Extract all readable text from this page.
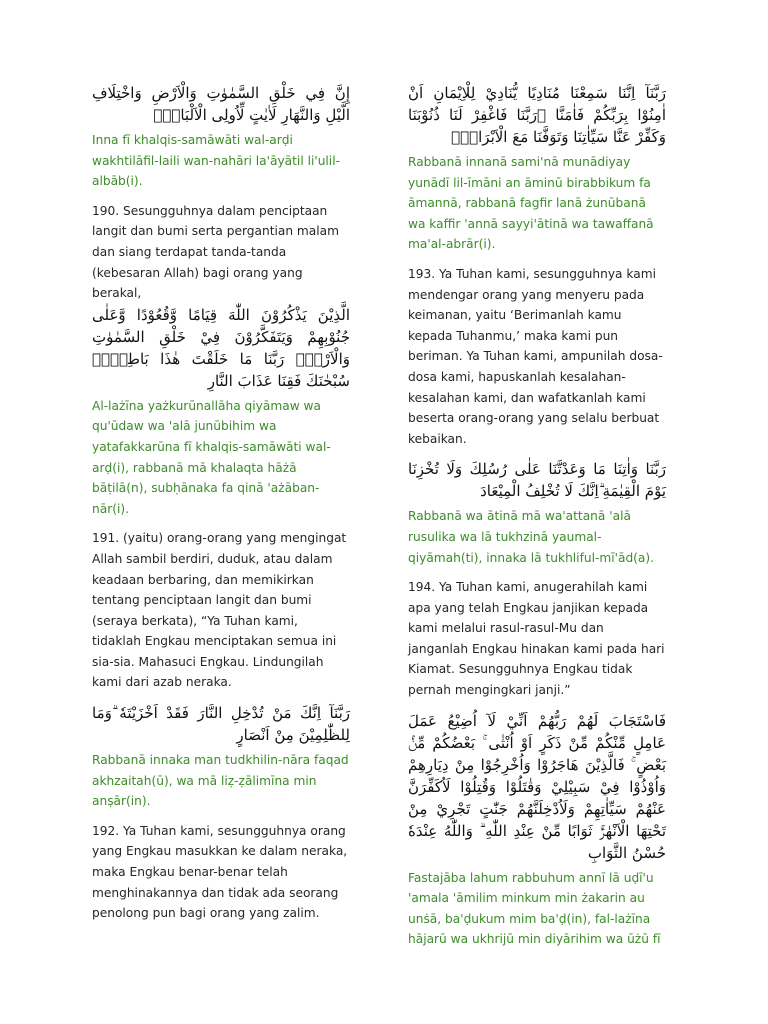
إِنَّ فِي خَلْقِ السَّمٰوٰتِ وَالْاَرْضِ وَاخْتِلَافِ الَّيْلِ وَالنَّهَارِ لَاٰيٰتٍ لِّاُولِى الْاَلْبَابِۙ

Inna fī khalqis-samāwāti wal-arḍi wakhtilāfil-laili wan-nahāri la'āyātil li'ulil-albāb(i).

190. Sesungguhnya dalam penciptaan langit dan bumi serta pergantian malam dan siang terdapat tanda-tanda (kebesaran Allah) bagi orang yang berakal,

الَّذِيْنَ يَذْكُرُوْنَ اللّٰهَ قِيَامًا وَّقُعُوْدًا وَّعَلٰى جُنُوْبِهِمْ وَيَتَفَكَّرُوْنَ فِيْ خَلْقِ السَّمٰوٰتِ وَالْاَرْضِۚ رَبَّنَا مَا خَلَقْتَ هٰذَا بَاطِلًاۚ سُبْحٰنَكَ فَقِنَا عَذَابَ النَّارِ

Al-lażīna yażkurūnallāha qiyāmaw wa qu'ūdaw wa 'alā junūbihim wa yatafakkarūna fī khalqis-samāwāti wal-arḍ(i), rabbanā mā khalaqta hāżā bāṭilā(n), subḥānaka fa qinā 'ażāban-nār(i).

191. (yaitu) orang-orang yang mengingat Allah sambil berdiri, duduk, atau dalam keadaan berbaring, dan memikirkan tentang penciptaan langit dan bumi (seraya berkata), “Ya Tuhan kami, tidaklah Engkau menciptakan semua ini sia-sia. Mahasuci Engkau. Lindungilah kami dari azab neraka.

رَبَّنَآ اِنَّكَ مَنْ تُدْخِلِ النَّارَ فَقَدْ اَخْزَيْتَهٗ ۗوَمَا لِلظّٰلِمِيْنَ مِنْ اَنْصَارٍ

Rabbanā innaka man tudkhilin-nāra faqad akhzaitah(ū), wa mā liẓ-ẓālimīna min anṣār(in).

192. Ya Tuhan kami, sesungguhnya orang yang Engkau masukkan ke dalam neraka, maka Engkau benar-benar telah menghinakannya dan tidak ada seorang penolong pun bagi orang yang zalim.

رَبَّنَآ اِنَّنَا سَمِعْنَا مُنَادِيًا يُّنَادِيْ لِلْاِيْمَانِ اَنْ اٰمِنُوْا بِرَبِّكُمْ فَاٰمَنَّا ۖرَبَّنَا فَاغْفِرْ لَنَا ذُنُوْبَنَا وَكَفِّرْ عَنَّا سَيِّاٰتِنَا وَتَوَفَّنَا مَعَ الْاَبْرَارِۚ

Rabbanā innanā sami'nā munādiyay yunādī lil-īmāni an āminū birabbikum fa āmannā, rabbanā fagfir lanā żunūbanā wa kaffir 'annā sayyi'ātinā wa tawaffanā ma'al-abrār(i).

193. Ya Tuhan kami, sesungguhnya kami mendengar orang yang menyeru pada keimanan, yaitu ‘Berimanlah kamu kepada Tuhanmu,’ maka kami pun beriman. Ya Tuhan kami, ampunilah dosa-dosa kami, hapuskanlah kesalahan-kesalahan kami, dan wafatkanlah kami beserta orang-orang yang selalu berbuat kebaikan.

رَبَّنَا وَاٰتِنَا مَا وَعَدْتَّنَا عَلٰى رُسُلِكَ وَلَا تُخْزِنَا يَوْمَ الْقِيٰمَةِ ۗاِنَّكَ لَا تُخْلِفُ الْمِيْعَادَ

Rabbanā wa ātinā mā wa'attanā 'alā rusulika wa lā tukhzinā yaumal-qiyāmah(ti), innaka lā tukhliful-mī'ād(a).

194. Ya Tuhan kami, anugerahilah kami apa yang telah Engkau janjikan kepada kami melalui rasul-rasul-Mu dan janganlah Engkau hinakan kami pada hari Kiamat. Sesungguhnya Engkau tidak pernah mengingkari janji.”

فَاسْتَجَابَ لَهُمْ رَبُّهُمْ اَنِّيْ لَآ اُضِيْعُ عَمَلَ عَامِلٍ مِّنْكُمْ مِّنْ ذَكَرٍ اَوْ اُنْثٰى ۚ بَعْضُكُمْ مِّنْۢ بَعْضٍ ۚ فَالَّذِيْنَ هَاجَرُوْا وَاُخْرِجُوْا مِنْ دِيَارِهِمْ وَاُوْذُوْا فِيْ سَبِيْلِيْ وَقٰتَلُوْا وَقُتِلُوْا لَاُكَفِّرَنَّ عَنْهُمْ سَيِّاٰتِهِمْ وَلَاُدْخِلَنَّهُمْ جَنّٰتٍ تَجْرِيْ مِنْ تَحْتِهَا الْاَنْهٰرُۚ ثَوَابًا مِّنْ عِنْدِ اللّٰهِ ۗ وَاللّٰهُ عِنْدَهٗ حُسْنُ الثَّوَابِ

Fastajāba lahum rabbuhum annī lā uḍī'u 'amala 'āmilim minkum min żakarin au unṡā, ba'ḍukum mim ba'ḍ(in), fal-lażīna hājarū wa ukhrijū min diyārihim wa ūżū fī
